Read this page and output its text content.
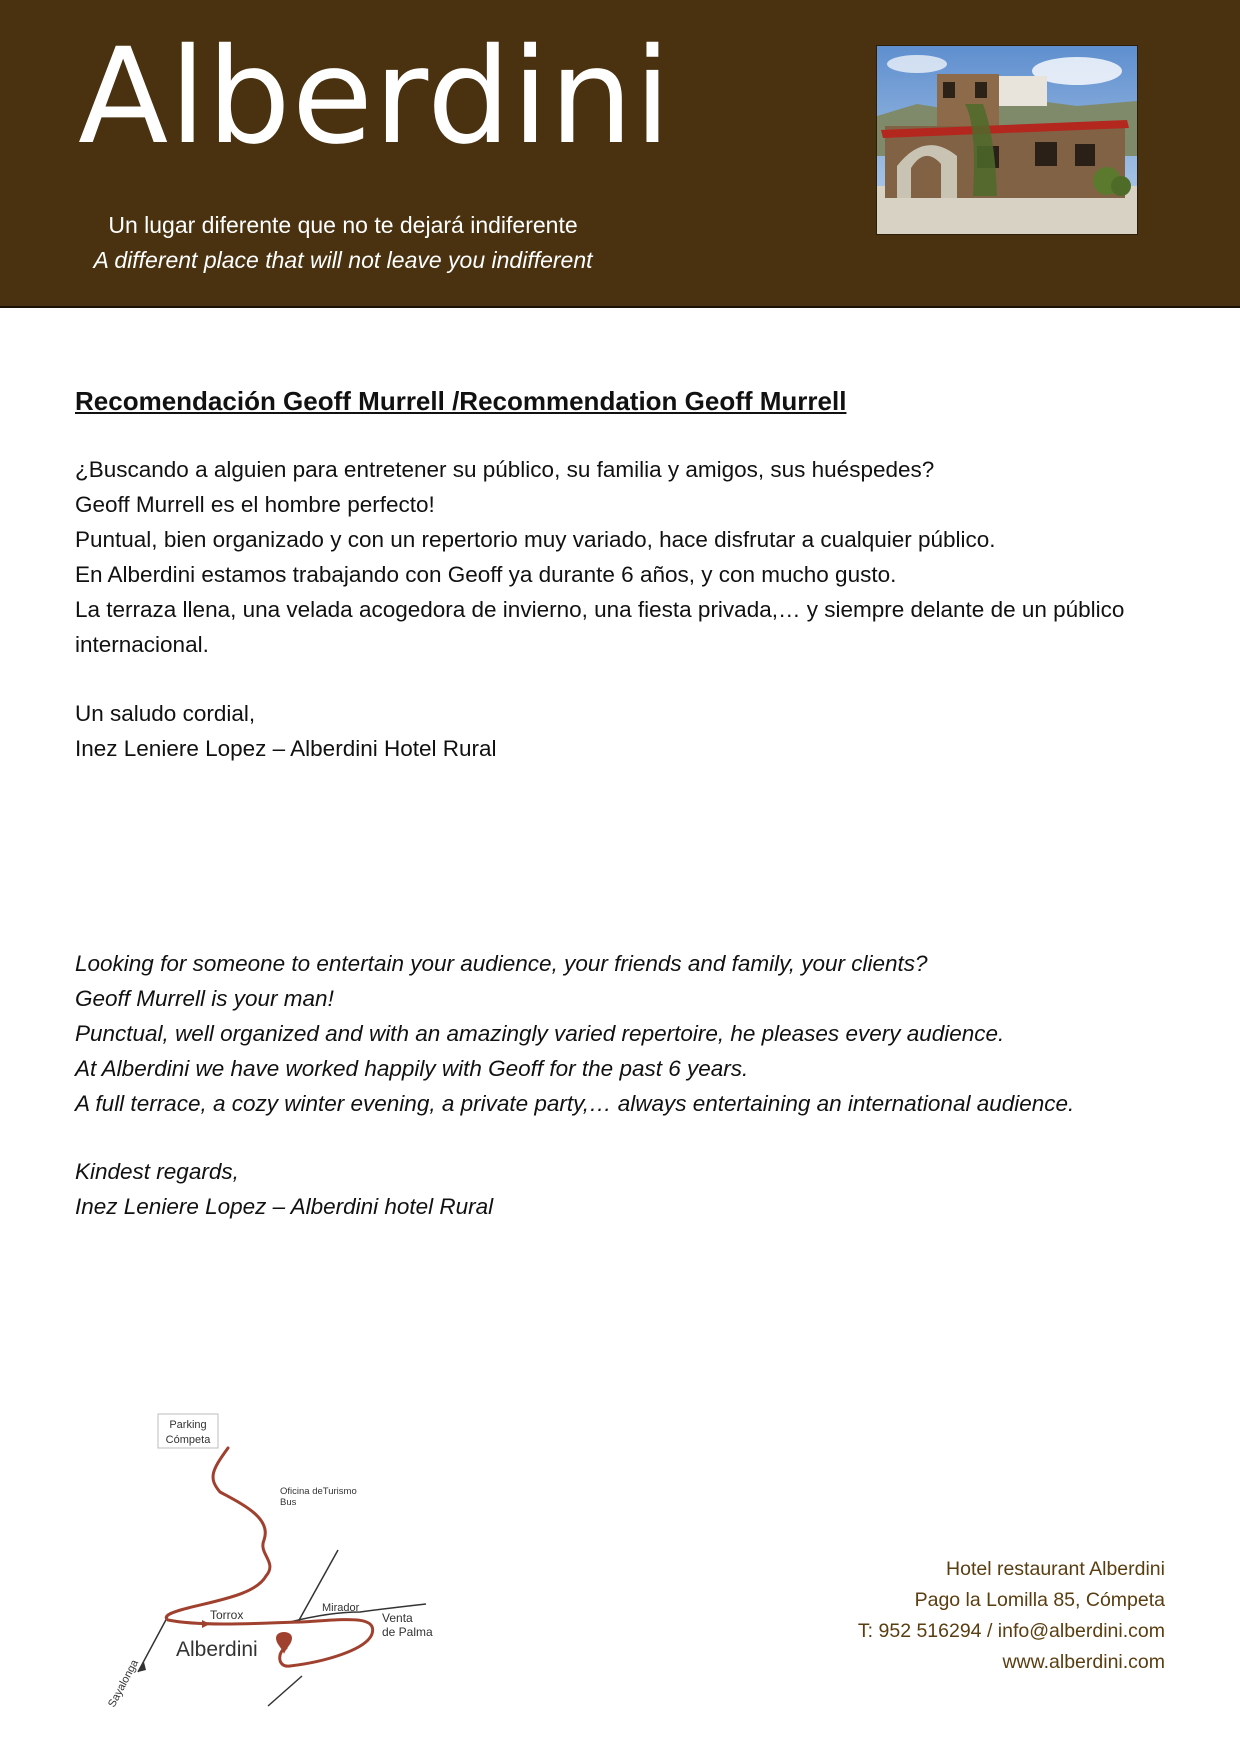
Alberdini
Un lugar diferente que no te dejará indiferente
A different place that will not leave you indifferent
Recomendación Geoff Murrell /Recommendation Geoff Murrell

¿Buscando a alguien para entretener su público, su familia y amigos, sus huéspedes?

Geoff Murrell es el hombre perfecto!

Puntual, bien organizado y con un repertorio muy variado, hace disfrutar a cualquier público.

En Alberdini estamos trabajando con Geoff ya durante 6 años, y con mucho gusto.

La terraza llena, una velada acogedora de invierno, una fiesta privada,… y siempre delante de un público internacional.

Un saludo cordial,

Inez Leniere Lopez – Alberdini Hotel Rural

Looking for someone to entertain your audience, your friends and family, your clients?

Geoff Murrell is your man!

Punctual, well organized and with an amazingly varied repertoire, he pleases every audience.

At Alberdini we have worked happily with Geoff for the past 6 years.

A full terrace, a cozy winter evening, a private party,… always entertaining an international audience.

Kindest regards,

Inez Leniere Lopez – Alberdini hotel Rural

Parking
Cómpeta
Oficina deTurismo
Bus
Mirador
Venta
de Palma
Torrox
Alberdini
Sayalonga
Hotel restaurant Alberdini
Pago la Lomilla 85, Cómpeta
T: 952 516294 / info@alberdini.com
www.alberdini.com
